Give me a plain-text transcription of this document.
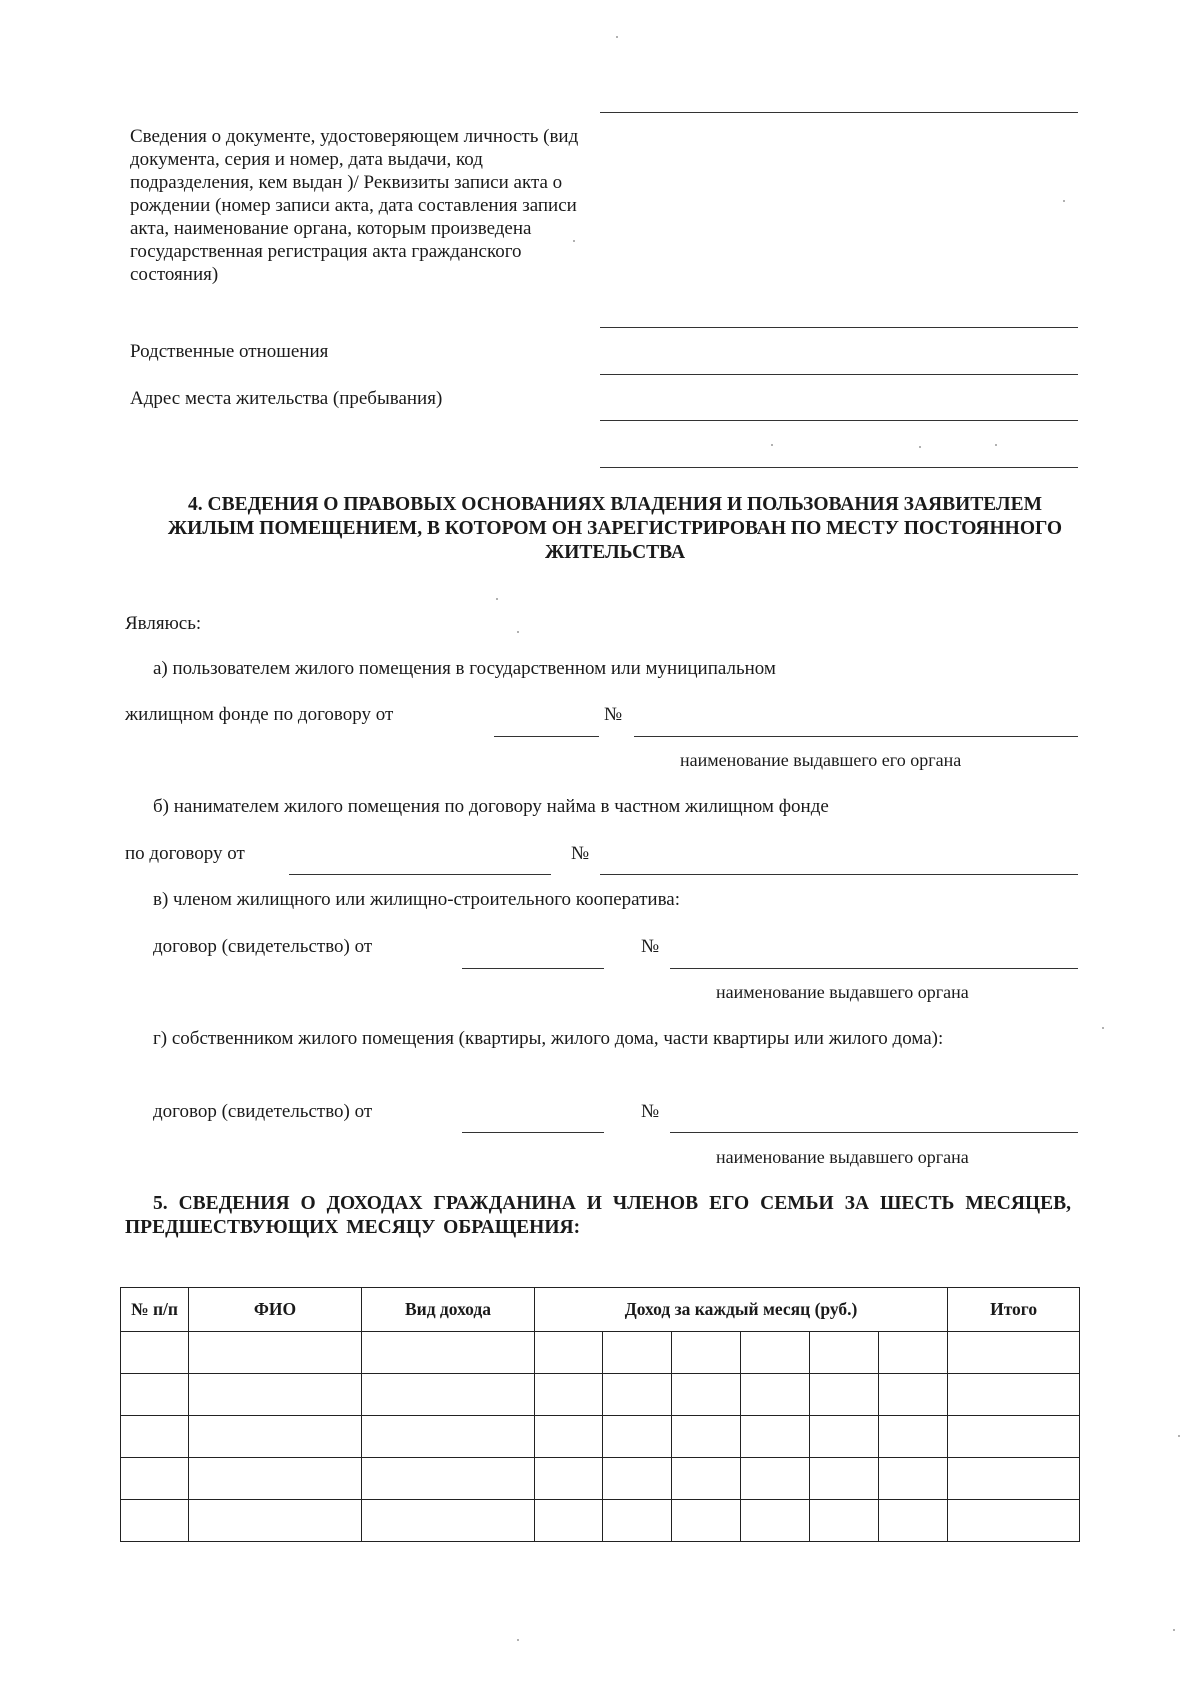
Сведения о документе, удостоверяющем личность (вид документа, серия и номер, дата выдачи, код подразделения, кем выдан )/ Реквизиты записи акта о рождении (номер записи акта, дата составления записи акта, наименование органа, которым произведена государственная регистрация акта гражданского состояния)
Родственные отношения
Адрес места жительства (пребывания)
4. СВЕДЕНИЯ О ПРАВОВЫХ ОСНОВАНИЯХ ВЛАДЕНИЯ И ПОЛЬЗОВАНИЯ ЗАЯВИТЕЛЕМ ЖИЛЫМ ПОМЕЩЕНИЕМ, В КОТОРОМ ОН ЗАРЕГИСТРИРОВАН ПО МЕСТУ ПОСТОЯННОГО ЖИТЕЛЬСТВА
Являюсь:
а) пользователем жилого помещения в государственном или муниципальном
жилищном фонде по договору от	№
наименование выдавшего его органа
б) нанимателем жилого помещения по договору найма в частном жилищном фонде
по договору от	№
в) членом жилищного или жилищно-строительного кооператива:
договор (свидетельство) от	№
наименование выдавшего органа
г) собственником жилого помещения (квартиры, жилого дома, части квартиры или жилого дома):
договор (свидетельство) от	№
наименование выдавшего органа
5. СВЕДЕНИЯ О ДОХОДАХ ГРАЖДАНИНА И ЧЛЕНОВ ЕГО СЕМЬИ ЗА ШЕСТЬ МЕСЯЦЕВ, ПРЕДШЕСТВУЮЩИХ МЕСЯЦУ ОБРАЩЕНИЯ:
№ п/п	ФИО	Вид дохода	Доход за каждый месяц (руб.)						Итого
